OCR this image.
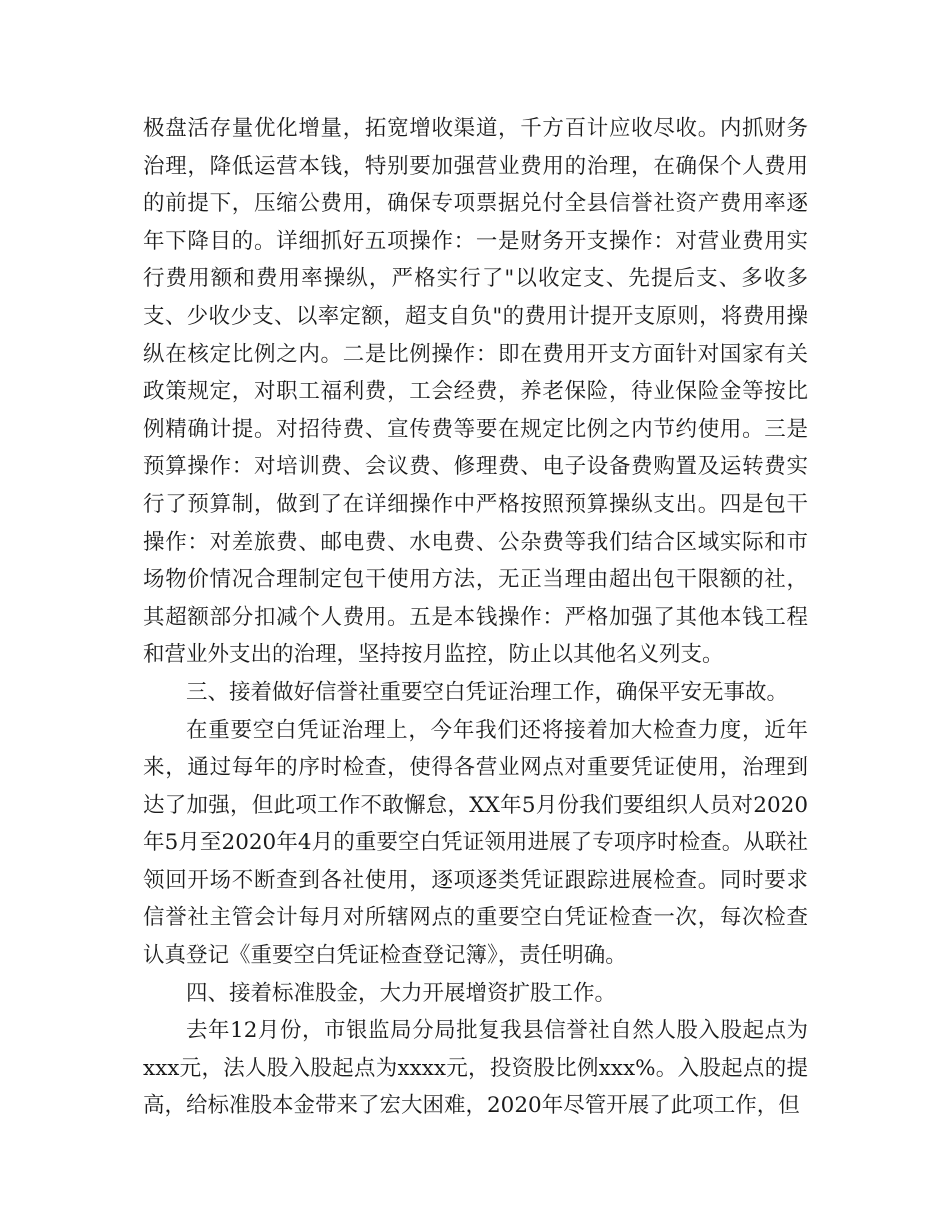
极盘活存量优化增量，拓宽增收渠道，千方百计应收尽收。内抓财务治理，降低运营本钱，特别要加强营业费用的治理，在确保个人费用的前提下，压缩公费用，确保专项票据兑付全县信誉社资产费用率逐年下降目的。详细抓好五项操作：一是财务开支操作：对营业费用实行费用额和费用率操纵，严格实行了"以收定支、先提后支、多收多支、少收少支、以率定额，超支自负"的费用计提开支原则，将费用操纵在核定比例之内。二是比例操作：即在费用开支方面针对国家有关政策规定，对职工福利费，工会经费，养老保险，待业保险金等按比例精确计提。对招待费、宣传费等要在规定比例之内节约使用。三是预算操作：对培训费、会议费、修理费、电子设备费购置及运转费实行了预算制，做到了在详细操作中严格按照预算操纵支出。四是包干操作：对差旅费、邮电费、水电费、公杂费等我们结合区域实际和市场物价情况合理制定包干使用方法，无正当理由超出包干限额的社，其超额部分扣减个人费用。五是本钱操作：严格加强了其他本钱工程和营业外支出的治理，坚持按月监控，防止以其他名义列支。

三、接着做好信誉社重要空白凭证治理工作，确保平安无事故。

在重要空白凭证治理上，今年我们还将接着加大检查力度，近年来，通过每年的序时检查，使得各营业网点对重要凭证使用，治理到达了加强，但此项工作不敢懈怠，XX年5月份我们要组织人员对2020年5月至2020年4月的重要空白凭证领用进展了专项序时检查。从联社领回开场不断查到各社使用，逐项逐类凭证跟踪进展检查。同时要求信誉社主管会计每月对所辖网点的重要空白凭证检查一次，每次检查认真登记《重要空白凭证检查登记簿》，责任明确。

四、接着标准股金，大力开展增资扩股工作。

去年12月份，市银监局分局批复我县信誉社自然人股入股起点为xxx元，法人股入股起点为xxxx元，投资股比例xxx%。入股起点的提高，给标准股本金带来了宏大困难，2020年尽管开展了此项工作，但
